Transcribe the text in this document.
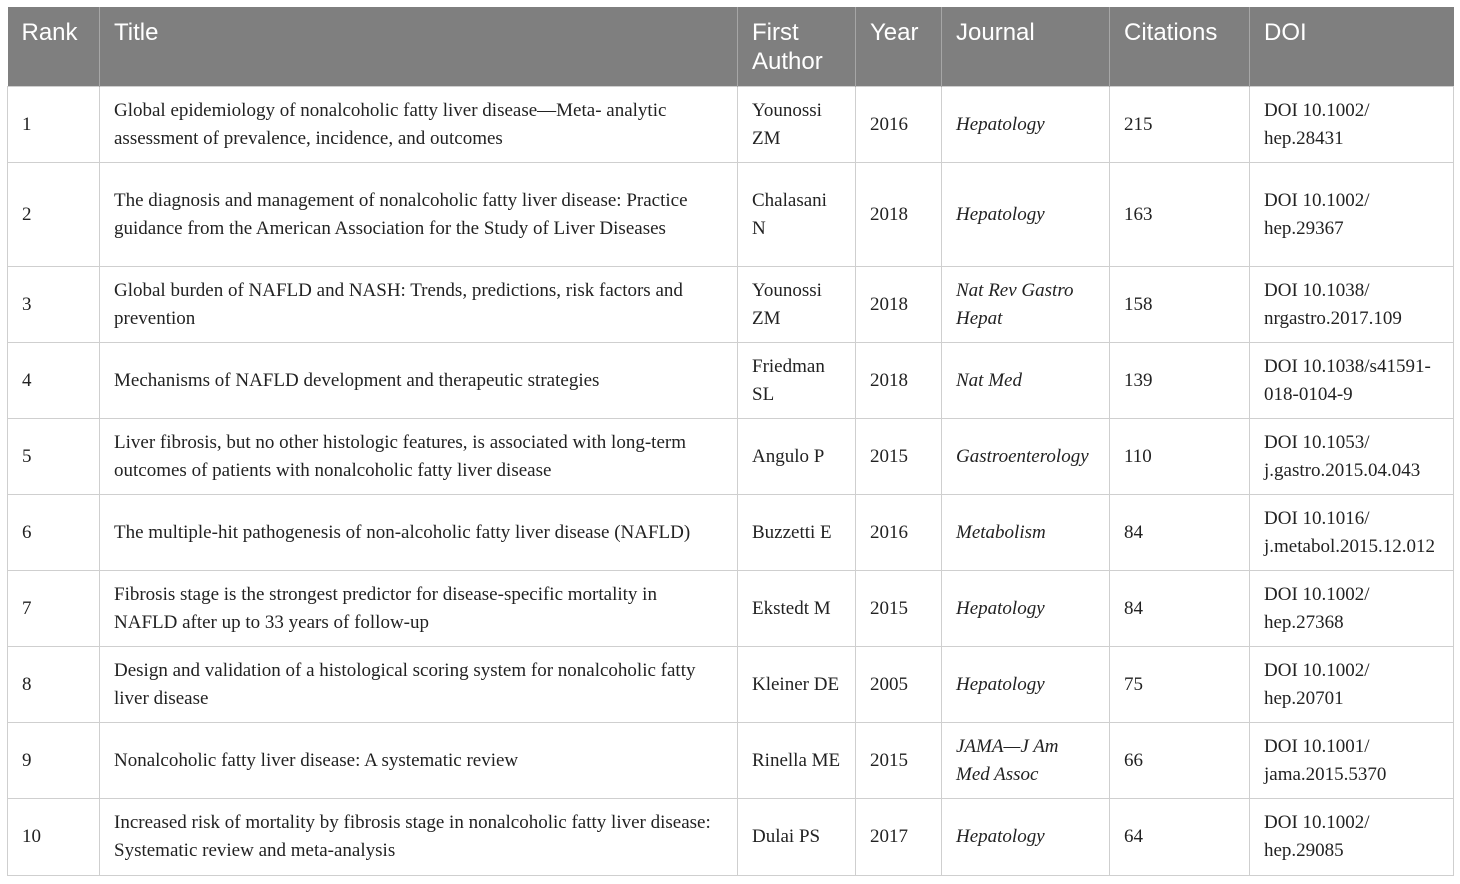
Rank	Title	First Author	Year	Journal	Citations	DOI
1	Global epidemiology of nonalcoholic fatty liver disease—Meta- analytic assessment of prevalence, incidence, and outcomes	Younossi ZM	2016	Hepatology	215	DOI 10.1002/ hep.28431
2	The diagnosis and management of nonalcoholic fatty liver disease: Practice guidance from the American Association for the Study of Liver Diseases	Chalasani N	2018	Hepatology	163	DOI 10.1002/ hep.29367
3	Global burden of NAFLD and NASH: Trends, predictions, risk factors and prevention	Younossi ZM	2018	Nat Rev Gastro Hepat	158	DOI 10.1038/ nrgastro.2017.109
4	Mechanisms of NAFLD development and therapeutic strategies	Friedman SL	2018	Nat Med	139	DOI 10.1038/s41591-018-0104-9
5	Liver fibrosis, but no other histologic features, is associated with long-term outcomes of patients with nonalcoholic fatty liver disease	Angulo P	2015	Gastroenterology	110	DOI 10.1053/ j.gastro.2015.04.043
6	The multiple-hit pathogenesis of non-alcoholic fatty liver disease (NAFLD)	Buzzetti E	2016	Metabolism	84	DOI 10.1016/ j.metabol.2015.12.012
7	Fibrosis stage is the strongest predictor for disease-specific mortality in NAFLD after up to 33 years of follow-up	Ekstedt M	2015	Hepatology	84	DOI 10.1002/ hep.27368
8	Design and validation of a histological scoring system for nonalcoholic fatty liver disease	Kleiner DE	2005	Hepatology	75	DOI 10.1002/ hep.20701
9	Nonalcoholic fatty liver disease: A systematic review	Rinella ME	2015	JAMA—J Am Med Assoc	66	DOI 10.1001/ jama.2015.5370
10	Increased risk of mortality by fibrosis stage in nonalcoholic fatty liver disease: Systematic review and meta-analysis	Dulai PS	2017	Hepatology	64	DOI 10.1002/ hep.29085
